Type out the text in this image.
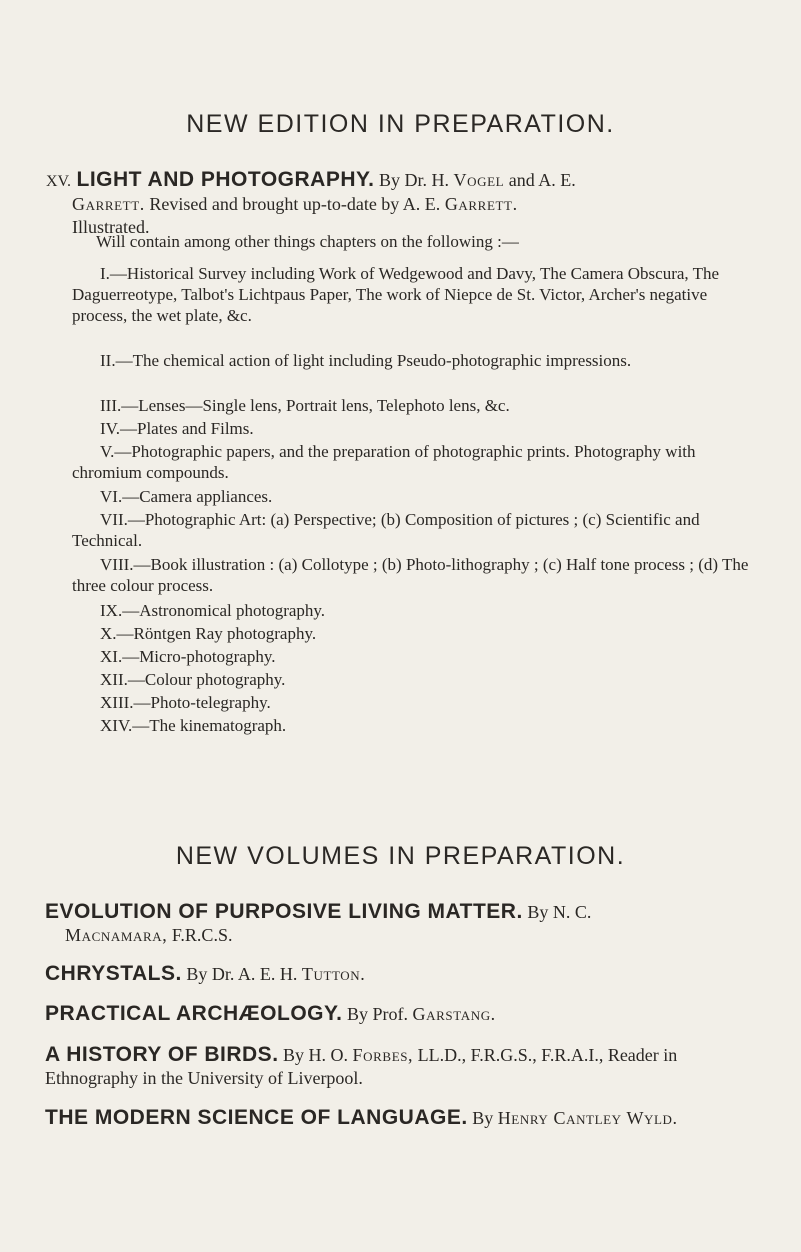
NEW EDITION IN PREPARATION.
XV. LIGHT AND PHOTOGRAPHY. By Dr. H. Vogel and A. E.
Garrett. Revised and brought up-to-date by A. E. Garrett.
Illustrated.
Will contain among other things chapters on the following :—
I.—Historical Survey including Work of Wedgewood and Davy, The Camera Obscura, The Daguerreotype, Talbot's Lichtpaus Paper, The work of Niepce de St. Victor, Archer's negative process, the wet plate, &c.
II.—The chemical action of light including Pseudo-photographic impressions.
III.—Lenses—Single lens, Portrait lens, Telephoto lens, &c.
IV.—Plates and Films.
V.—Photographic papers, and the preparation of photographic prints. Photography with chromium compounds.
VI.—Camera appliances.
VII.—Photographic Art: (a) Perspective; (b) Composition of pictures ; (c) Scientific and Technical.
VIII.—Book illustration : (a) Collotype ; (b) Photo-lithography ; (c) Half tone process ; (d) The three colour process.
IX.—Astronomical photography.
X.—Röntgen Ray photography.
XI.—Micro-photography.
XII.—Colour photography.
XIII.—Photo-telegraphy.
XIV.—The kinematograph.
NEW VOLUMES IN PREPARATION.
EVOLUTION OF PURPOSIVE LIVING MATTER. By N. C.
Macnamara, F.R.C.S.
CHRYSTALS. By Dr. A. E. H. Tutton.
PRACTICAL ARCHÆOLOGY. By Prof. Garstang.
A HISTORY OF BIRDS. By H. O. Forbes, LL.D., F.R.G.S., F.R.A.I., Reader in Ethnography in the University of Liverpool.
THE MODERN SCIENCE OF LANGUAGE. By Henry Cantley Wyld.
